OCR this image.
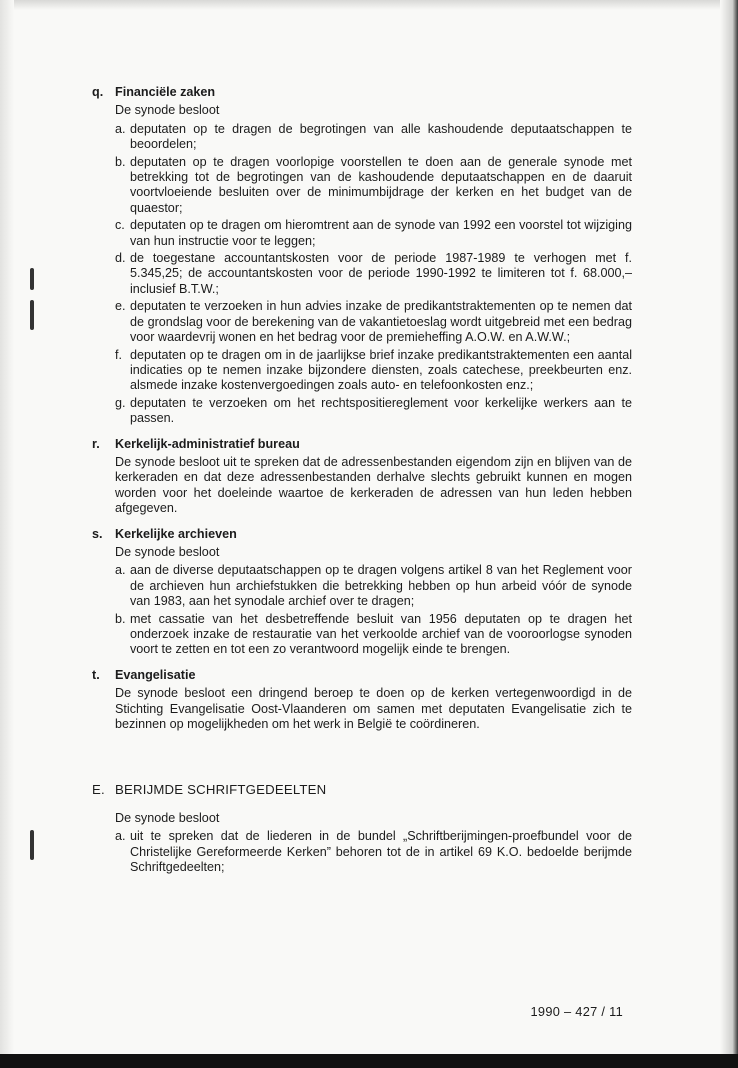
q. Financiële zaken
De synode besloot
a. deputaten op te dragen de begrotingen van alle kashoudende deputaatschappen te beoordelen;
b. deputaten op te dragen voorlopige voorstellen te doen aan de generale synode met betrekking tot de begrotingen van de kashoudende deputaatschappen en de daaruit voortvloeiende besluiten over de minimumbijdrage der kerken en het budget van de quaestor;
c. deputaten op te dragen om hieromtrent aan de synode van 1992 een voorstel tot wijziging van hun instructie voor te leggen;
d. de toegestane accountantskosten voor de periode 1987-1989 te verhogen met f. 5.345,25; de accountantskosten voor de periode 1990-1992 te limiteren tot f. 68.000,– inclusief B.T.W.;
e. deputaten te verzoeken in hun advies inzake de predikantstraktementen op te nemen dat de grondslag voor de berekening van de vakantietoeslag wordt uitgebreid met een bedrag voor waardevrij wonen en het bedrag voor de premieheffing A.O.W. en A.W.W.;
f. deputaten op te dragen om in de jaarlijkse brief inzake predikantstraktementen een aantal indicaties op te nemen inzake bijzondere diensten, zoals catechese, preekbeurten enz. alsmede inzake kostenvergoedingen zoals auto- en telefoonkosten enz.;
g. deputaten te verzoeken om het rechtspositiereglement voor kerkelijke werkers aan te passen.
r.	Kerkelijk-administratief bureau
De synode besloot uit te spreken dat de adressenbestanden eigendom zijn en blijven van de kerkeraden en dat deze adressenbestanden derhalve slechts gebruikt kunnen en mogen worden voor het doeleinde waartoe de kerkeraden de adressen van hun leden hebben afgegeven.
s. Kerkelijke archieven
De synode besloot
a. aan de diverse deputaatschappen op te dragen volgens artikel 8 van het Reglement voor de archieven hun archiefstukken die betrekking hebben op hun arbeid vóór de synode van 1983, aan het synodale archief over te dragen;
b. met cassatie van het desbetreffende besluit van 1956 deputaten op te dragen het onderzoek inzake de restauratie van het verkoolde archief van de vooroorlogse synoden voort te zetten en tot een zo verantwoord mogelijk einde te brengen.
t.	Evangelisatie
De synode besloot een dringend beroep te doen op de kerken vertegenwoordigd in de Stichting Evangelisatie Oost-Vlaanderen om samen met deputaten Evangelisatie zich te bezinnen op mogelijkheden om het werk in België te coördineren.
E. BERIJMDE SCHRIFTGEDEELTEN
De synode besloot
a. uit te spreken dat de liederen in de bundel „Schriftberijmingen-proefbundel voor de Christelijke Gereformeerde Kerken” behoren tot de in artikel 69 K.O. bedoelde berijmde Schriftgedeelten;
1990 – 427 / 11
